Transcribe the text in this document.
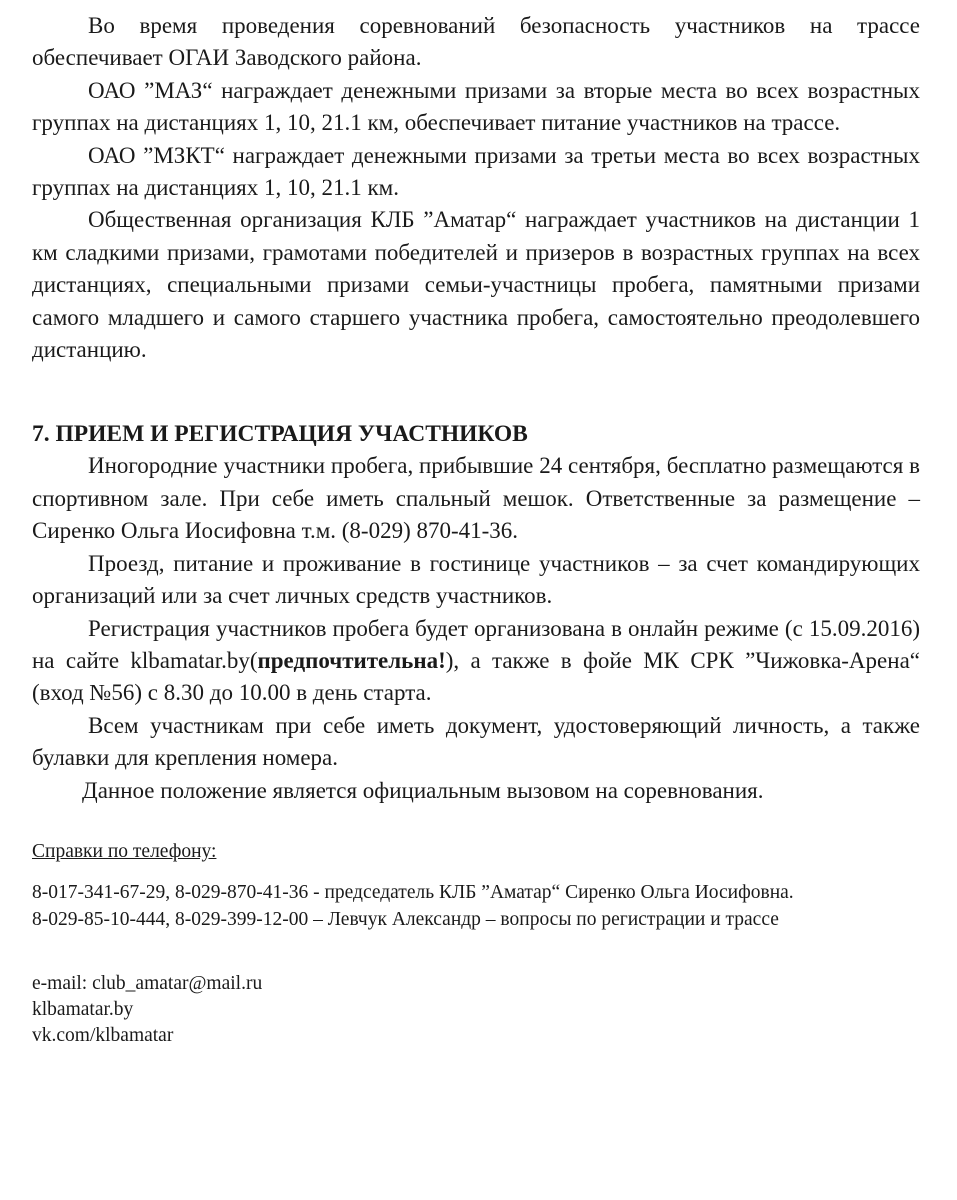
Во время проведения соревнований безопасность участников на трассе обеспечивает ОГАИ Заводского района.

ОАО ”МАЗ“ награждает денежными призами за вторые места во всех возрастных группах на дистанциях 1, 10, 21.1 км, обеспечивает питание участников на трассе.

ОАО ”МЗКТ“ награждает денежными призами за третьи места во всех возрастных группах на дистанциях 1, 10, 21.1 км.

Общественная организация КЛБ ”Аматар“ награждает участников на дистанции 1 км сладкими призами, грамотами победителей и призеров в возрастных группах на всех дистанциях, специальными призами семьи-участницы пробега, памятными призами самого младшего и самого старшего участника пробега, самостоятельно преодолевшего дистанцию.

7. ПРИЕМ И РЕГИСТРАЦИЯ УЧАСТНИКОВ

Иногородние участники пробега, прибывшие 24 сентября, бесплатно размещаются в спортивном зале. При себе иметь спальный мешок. Ответственные за размещение – Сиренко Ольга Иосифовна т.м. (8-029) 870-41-36.

Проезд, питание и проживание в гостинице участников – за счет командирующих организаций или за счет личных средств участников.

Регистрация участников пробега будет организована в онлайн режиме (с 15.09.2016) на сайте klbamatar.by(предпочтительна!), а также в фойе МК СРК ”Чижовка-Арена“ (вход №56) с 8.30 до 10.00 в день старта.

Всем участникам при себе иметь документ, удостоверяющий личность, а также булавки для крепления номера.

Данное положение является официальным вызовом на соревнования.

Справки по телефону:

8-017-341-67-29, 8-029-870-41-36 - председатель КЛБ ”Аматар“ Сиренко Ольга Иосифовна.

8-029-85-10-444, 8-029-399-12-00 – Левчук Александр – вопросы по регистрации и трассе

e-mail: club_amatar@mail.ru
klbamatar.by
vk.com/klbamatar
